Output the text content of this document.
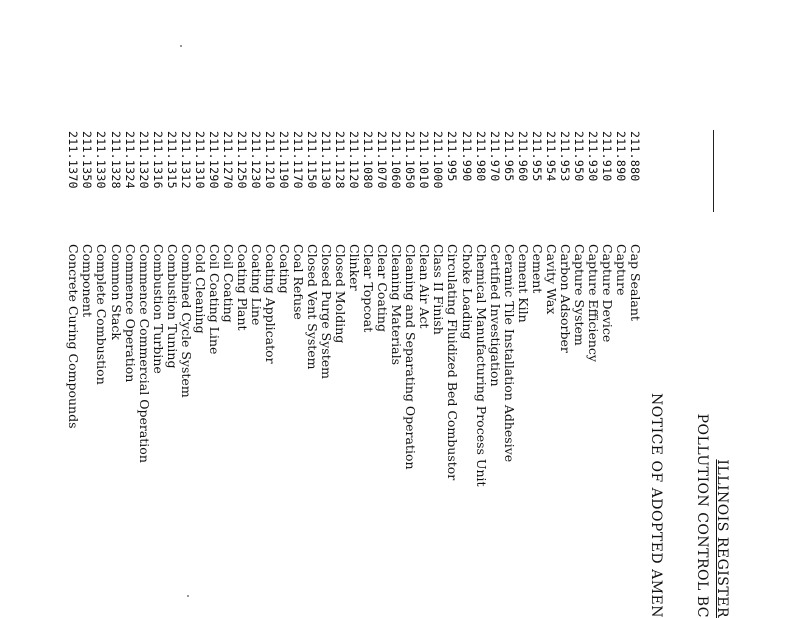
ILLINOIS REGISTER
POLLUTION CONTROL BC
NOTICE OF ADOPTED AMEN
211.880
Cap Sealant
211.890
Capture
211.910
Capture Device
211.930
Capture Efficiency
211.950
Capture System
211.953
Carbon Adsorber
211.954
Cavity Wax
211.955
Cement
211.960
Cement Kiln
211.965
Ceramic Tile Installation Adhesive
211.970
Certified Investigation
211.980
Chemical Manufacturing Process Unit
211.990
Choke Loading
211.995
Circulating Fluidized Bed Combustor
211.1000
Class II Finish
211.1010
Clean Air Act
211.1050
Cleaning and Separating Operation
211.1060
Cleaning Materials
211.1070
Clear Coating
211.1080
Clear Topcoat
211.1120
Clinker
211.1128
Closed Molding
211.1130
Closed Purge System
211.1150
Closed Vent System
211.1170
Coal Refuse
211.1190
Coating
211.1210
Coating Applicator
211.1230
Coating Line
211.1250
Coating Plant
211.1270
Coil Coating
211.1290
Coil Coating Line
211.1310
Cold Cleaning
211.1312
Combined Cycle System
211.1315
Combustion Tuning
211.1316
Combustion Turbine
211.1320
Commence Commercial Operation
211.1324
Commence Operation
211.1328
Common Stack
211.1330
Complete Combustion
211.1350
Component
211.1370
Concrete Curing Compounds
